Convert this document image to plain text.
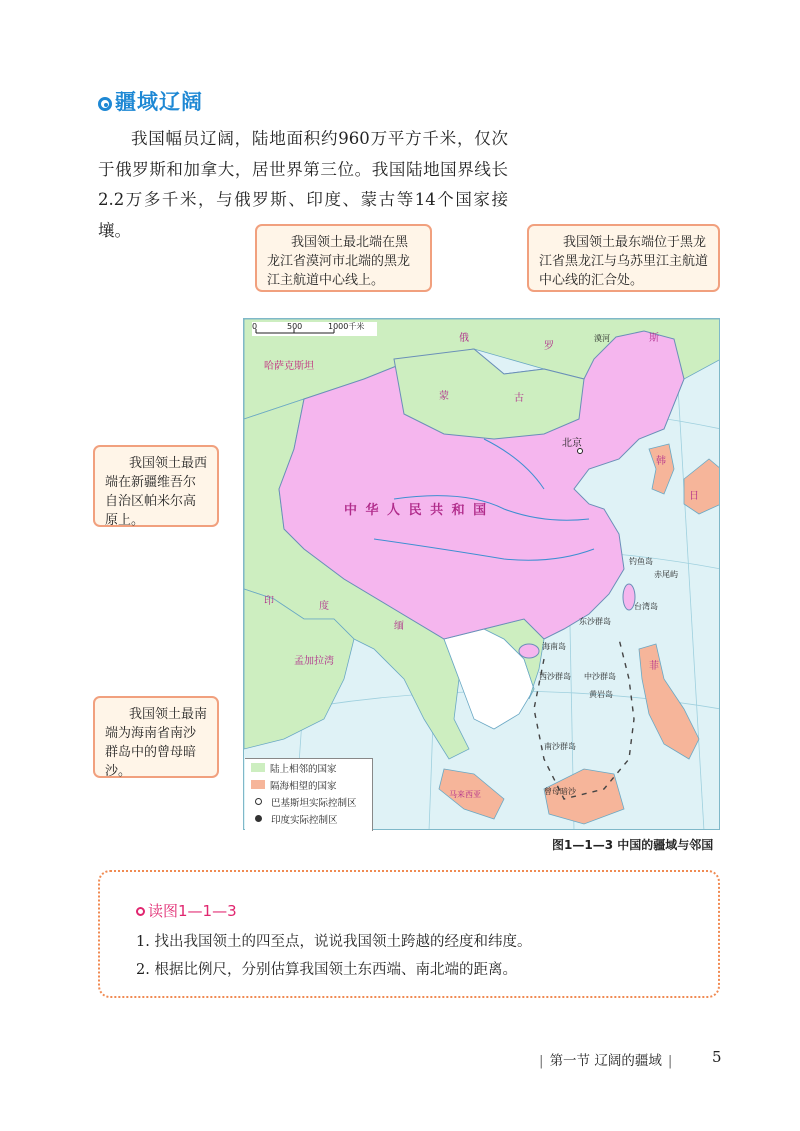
疆域辽阔
我国幅员辽阔，陆地面积约960万平方千米，仅次于俄罗斯和加拿大，居世界第三位。我国陆地国界线长2.2万多千米，与俄罗斯、印度、蒙古等14个国家接壤。
我国领土最北端在黑龙江省漠河市北端的黑龙江主航道中心线上。
我国领土最东端位于黑龙江省黑龙江与乌苏里江主航道中心线的汇合处。
我国领土最西端在新疆维吾尔自治区帕米尔高原上。
我国领土最南端为海南省南沙群岛中的曾母暗沙。
0	500	1000千米
中 华 人 民 共 和 国
哈萨克斯坦
蒙	古
俄
罗
斯
印	度
缅
孟加拉湾
日
韩
菲
北京
漠河
台湾岛
海南岛
钓鱼岛
赤尾屿
东沙群岛
西沙群岛 中沙群岛
黄岩岛
南沙群岛
曾母暗沙
马来西亚
陆上相邻的国家
隔海相望的国家
巴基斯坦实际控制区
印度实际控制区
图1—1—3 中国的疆域与邻国
读图1—1—3
1. 找出我国领土的四至点，说说我国领土跨越的经度和纬度。
2. 根据比例尺，分别估算我国领土东西端、南北端的距离。
| 第一节 辽阔的疆域 |	5
